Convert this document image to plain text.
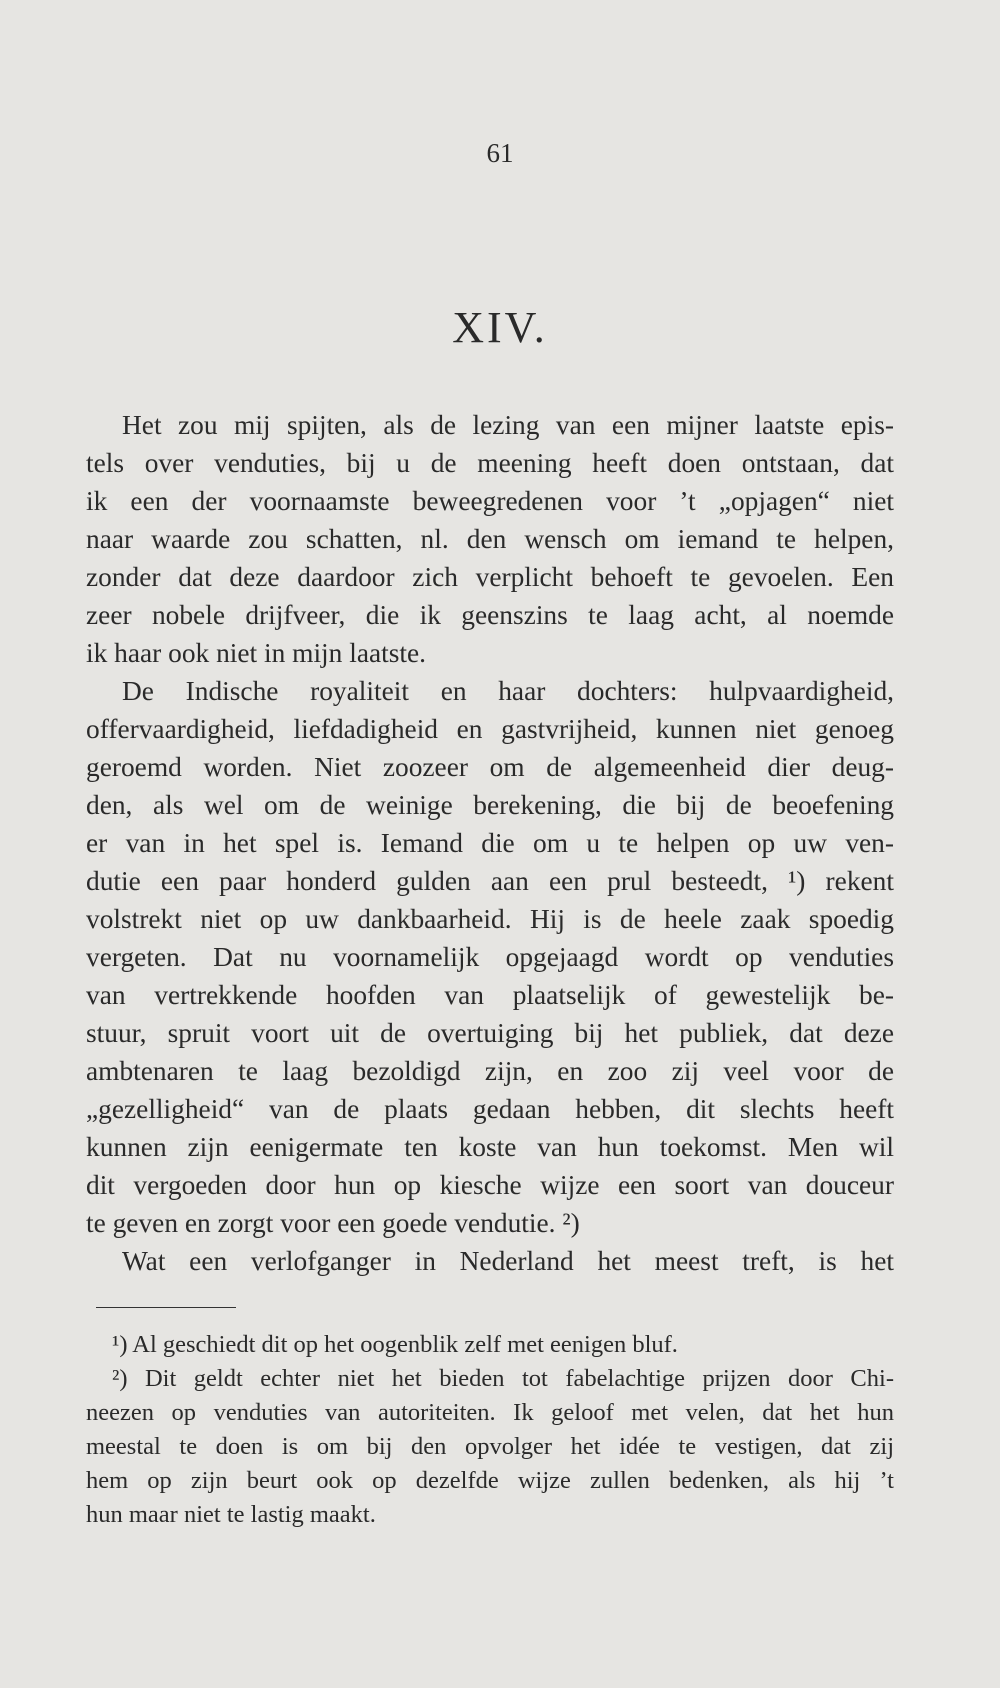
61
XIV.
Het zou mij spijten, als de lezing van een mijner laatste epis-
tels over venduties, bij u de meening heeft doen ontstaan, dat
ik een der voornaamste beweegredenen voor ’t „opjagen“ niet
naar waarde zou schatten, nl. den wensch om iemand te helpen,
zonder dat deze daardoor zich verplicht behoeft te gevoelen. Een
zeer nobele drijfveer, die ik geenszins te laag acht, al noemde
ik haar ook niet in mijn laatste.
De Indische royaliteit en haar dochters: hulpvaardigheid,
offervaardigheid, liefdadigheid en gastvrijheid, kunnen niet genoeg
geroemd worden. Niet zoozeer om de algemeenheid dier deug-
den, als wel om de weinige berekening, die bij de beoefening
er van in het spel is. Iemand die om u te helpen op uw ven-
dutie een paar honderd gulden aan een prul besteedt, ¹) rekent
volstrekt niet op uw dankbaarheid. Hij is de heele zaak spoedig
vergeten. Dat nu voornamelijk opgejaagd wordt op venduties
van vertrekkende hoofden van plaatselijk of gewestelijk be-
stuur, spruit voort uit de overtuiging bij het publiek, dat deze
ambtenaren te laag bezoldigd zijn, en zoo zij veel voor de
„gezelligheid“ van de plaats gedaan hebben, dit slechts heeft
kunnen zijn eenigermate ten koste van hun toekomst. Men wil
dit vergoeden door hun op kiesche wijze een soort van douceur
te geven en zorgt voor een goede vendutie. ²)
Wat een verlofganger in Nederland het meest treft, is het
¹) Al geschiedt dit op het oogenblik zelf met eenigen bluf.
²) Dit geldt echter niet het bieden tot fabelachtige prijzen door Chi-
neezen op venduties van autoriteiten. Ik geloof met velen, dat het hun
meestal te doen is om bij den opvolger het idée te vestigen, dat zij
hem op zijn beurt ook op dezelfde wijze zullen bedenken, als hij ’t
hun maar niet te lastig maakt.
